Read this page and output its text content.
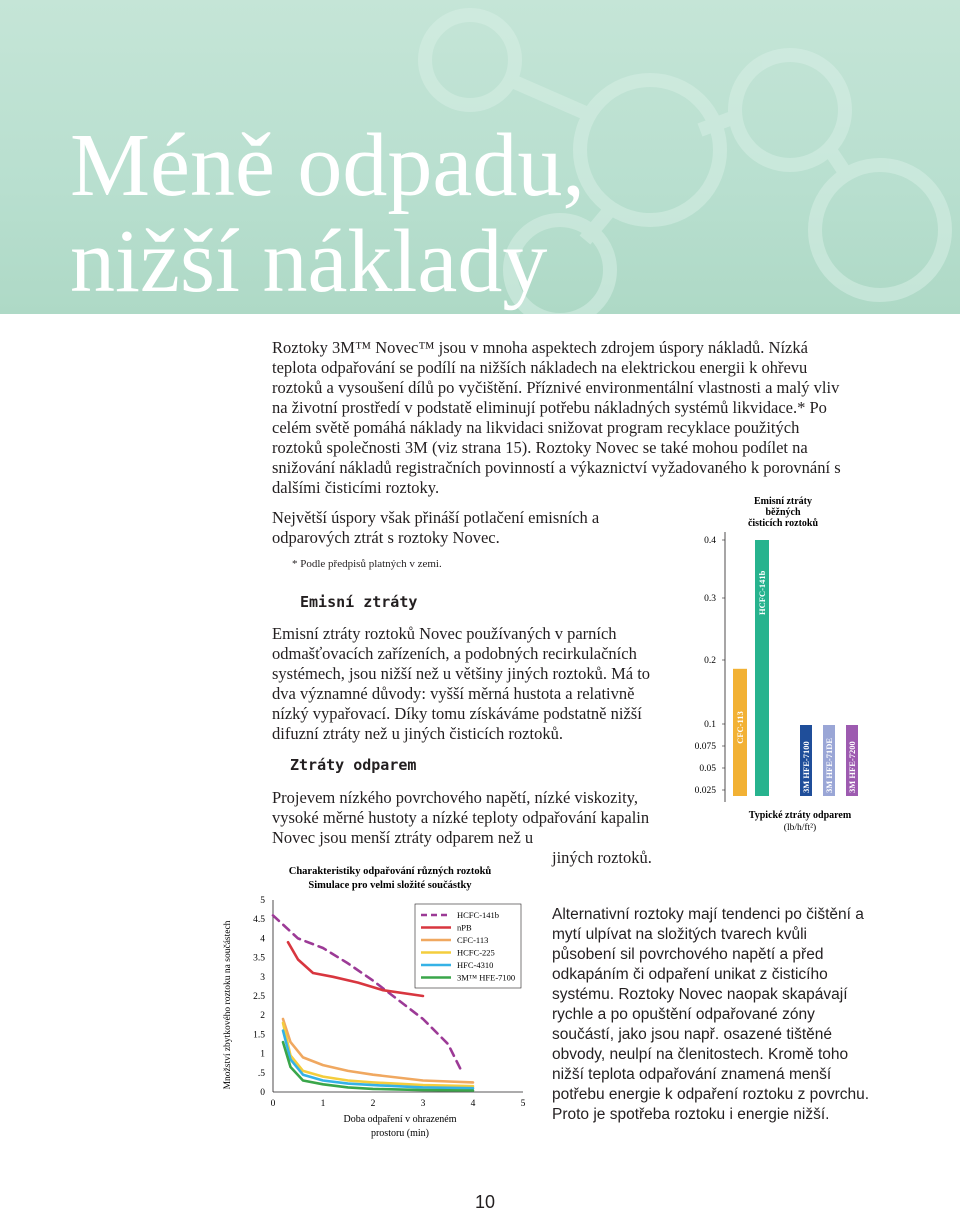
Méně odpadu,
nižší náklady

Roztoky 3M™ Novec™ jsou v mnoha aspektech zdrojem úspory nákladů. Nízká teplota odpařování se podílí na nižších nákladech na elektrickou energii k ohřevu roztoků a vysoušení dílů po vyčištění. Příznivé environmentální vlastnosti a malý vliv na životní prostředí v podstatě eliminují potřebu nákladných systémů likvidace.* Po celém světě pomáhá náklady na likvidaci snižovat program recyklace použitých roztoků společnosti 3M (viz strana 15). Roztoky Novec se také mohou podílet na snižování nákladů registračních povinností a výkaznictví vyžadovaného k porovnání s dalšími čisticími roztoky.

Největší úspory však přináší potlačení emisních a odparových ztrát s roztoky Novec.

* Podle předpisů platných v zemi.

Emisní ztráty

Emisní ztráty roztoků Novec používaných v parních odmašťovacích zařízeních, a podobných recirkulačních systémech, jsou nižší než u většiny jiných roztoků. Má to dva významné důvody: vyšší měrná hustota a relativně nízký vypařovací. Díky tomu získáváme podstatně nižší difuzní ztráty než u jiných čisticích roztoků.

Ztráty odparem

Projevem nízkého povrchového napětí, nízké viskozity, vysoké měrné hustoty a nízké teploty odpařování kapalin Novec jsou menší ztráty odparem než u

jiných roztoků.

Alternativní roztoky mají tendenci po čištění a mytí ulpívat na složitých tvarech kvůli působení sil povrchového napětí a před odkapáním či odpaření unikat z čisticího systému. Roztoky Novec naopak skapávají rychle a po opuštění odpařované zóny součástí, jako jsou např. osazené tištěné obvody, neulpí na členitostech. Kromě toho nižší teplota odpařování znamená menší potřebu energie k odpaření roztoku z povrchu. Proto je spotřeba roztoku i energie nižší.

Emisní ztráty
běžných
čisticích roztoků
0.4
0.3
0.2
0.1
0.075
0.05
0.025
CFC-113
HCFC-141b
3M HFE-7100 3M HFE-71DE 3M HFE-7200
Typické ztráty odparem
(lb/h/ft²)
Charakteristiky odpařování různých roztoků
Simulace pro velmi složité součástky
Množství zbytkového roztoku na součástech
0
.5
1
1.5
2
2.5
3
3.5
4
4.5
5
0	1	2	3	4	5
HCFC-141b
nPB
CFC-113
HCFC-225
HFC-4310
3M™ HFE-7100
Doba odpaření v ohrazeném
prostoru (min)
10
